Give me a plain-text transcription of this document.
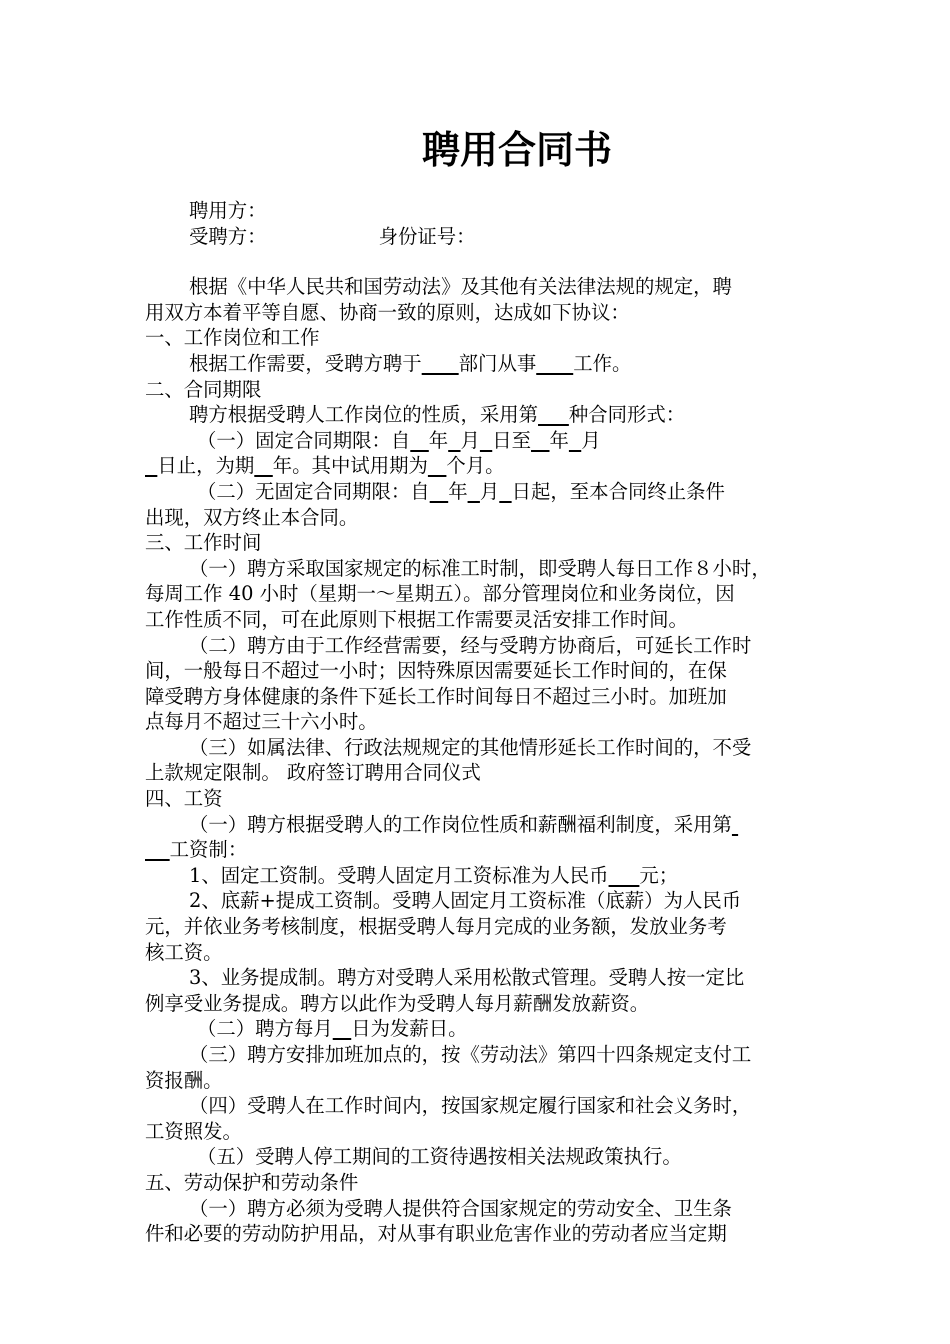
聘用合同书

聘用方：

受聘方：	身份证号：

根据《中华人民共和国劳动法》及其他有关法律法规的规定，聘

用双方本着平等自愿、协商一致的原则，达成如下协议：

一、工作岗位和工作

根据工作需要，受聘方聘于 部门从事 工作。

二、合同期限

聘方根据受聘人工作岗位的性质，采用第 种合同形式：

（一）固定合同期限：自 年 月 日至 年 月

日止，为期 年。其中试用期为 个月。

（二）无固定合同期限：自 年 月 日起，至本合同终止条件

出现，双方终止本合同。

三、工作时间

（一）聘方采取国家规定的标准工时制，即受聘人每日工作８小时，

每周工作 40 小时（星期一～星期五）。部分管理岗位和业务岗位，因

工作性质不同，可在此原则下根据工作需要灵活安排工作时间。

（二）聘方由于工作经营需要，经与受聘方协商后，可延长工作时

间，一般每日不超过一小时；因特殊原因需要延长工作时间的，在保

障受聘方身体健康的条件下延长工作时间每日不超过三小时。加班加

点每月不超过三十六小时。

（三）如属法律、行政法规规定的其他情形延长工作时间的，不受

上款规定限制。 政府签订聘用合同仪式

四、工资

（一）聘方根据受聘人的工作岗位性质和薪酬福利制度，采用第

工资制：

1、固定工资制。受聘人固定月工资标准为人民币 元；

2、底薪+提成工资制。受聘人固定月工资标准（底薪）为人民币

元，并依业务考核制度，根据受聘人每月完成的业务额，发放业务考

核工资。

3、业务提成制。聘方对受聘人采用松散式管理。受聘人按一定比

例享受业务提成。聘方以此作为受聘人每月薪酬发放薪资。

（二）聘方每月 日为发薪日。

（三）聘方安排加班加点的，按《劳动法》第四十四条规定支付工

资报酬。

（四）受聘人在工作时间内，按国家规定履行国家和社会义务时，

工资照发。

（五）受聘人停工期间的工资待遇按相关法规政策执行。

五、劳动保护和劳动条件

（一）聘方必须为受聘人提供符合国家规定的劳动安全、卫生条

件和必要的劳动防护用品，对从事有职业危害作业的劳动者应当定期
